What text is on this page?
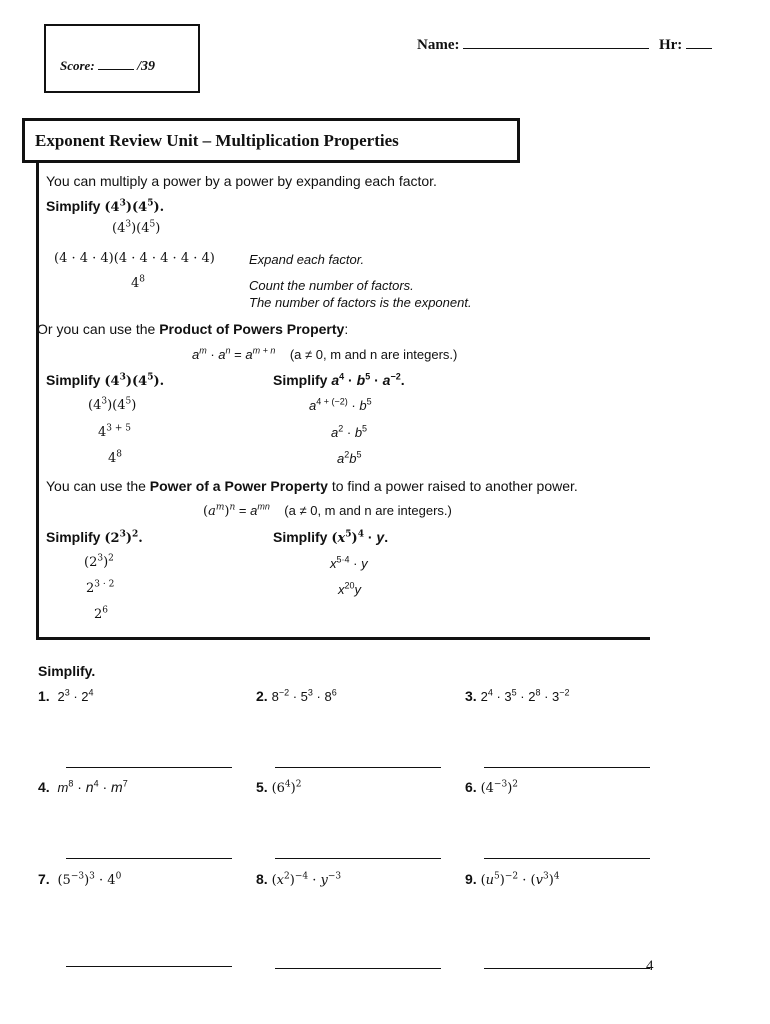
Score:	/39
Name:	Hr:
Exponent Review Unit – Multiplication Properties
You can multiply a power by a power by expanding each factor.
Simplify $(4^3)(4^5)$.
$(4^3)(4^5)$
(4 · 4 · 4)(4 · 4 · 4 · 4 · 4)	Expand each factor.
$4^8$	Count the number of factors.
The number of factors is the exponent.
Or you can use the Product of Powers Property:
$a^m \cdot a^n = a^{m + n}$ (a ≠ 0, m and n are integers.)
Simplify $(4^3)(4^5)$.
$(4^3)(4^5)$
$4^{3 + 5}$
$4^8$
Simplify $a^4 \cdot b^5 \cdot a^{-2}$.
$a^{4 + (-2)} \cdot b^5$
$a^2 \cdot b^5$
$a^2b^5$
You can use the Power of a Power Property to find a power raised to another power.
$(a^m)^n = a^{mn}$ (a ≠ 0, m and n are integers.)
Simplify $(2^3)^2$.
$(2^3)^2$
$2^{3 \cdot 2}$
$2^6$
Simplify $(x^5)^4 \cdot y$.
$x^{5\cdot 4} \cdot y$
$x^{20}y$
Simplify.
1. $2^3 \cdot 2^4$	2. $8^{-2} \cdot 5^3 \cdot 8^6$	3. $2^4 \cdot 3^5 \cdot 2^8 \cdot 3^{-2}$
4. $m^8 \cdot n^4 \cdot m^7$	5. $(6^4)^2$	6. $(4^{-3})^2$
7. $(5^{-3})^3 \cdot 4^0$	8. $(x^2)^{-4} \cdot y^{-3}$	9. $(u^5)^{-2} \cdot (v^3)^4$
4
